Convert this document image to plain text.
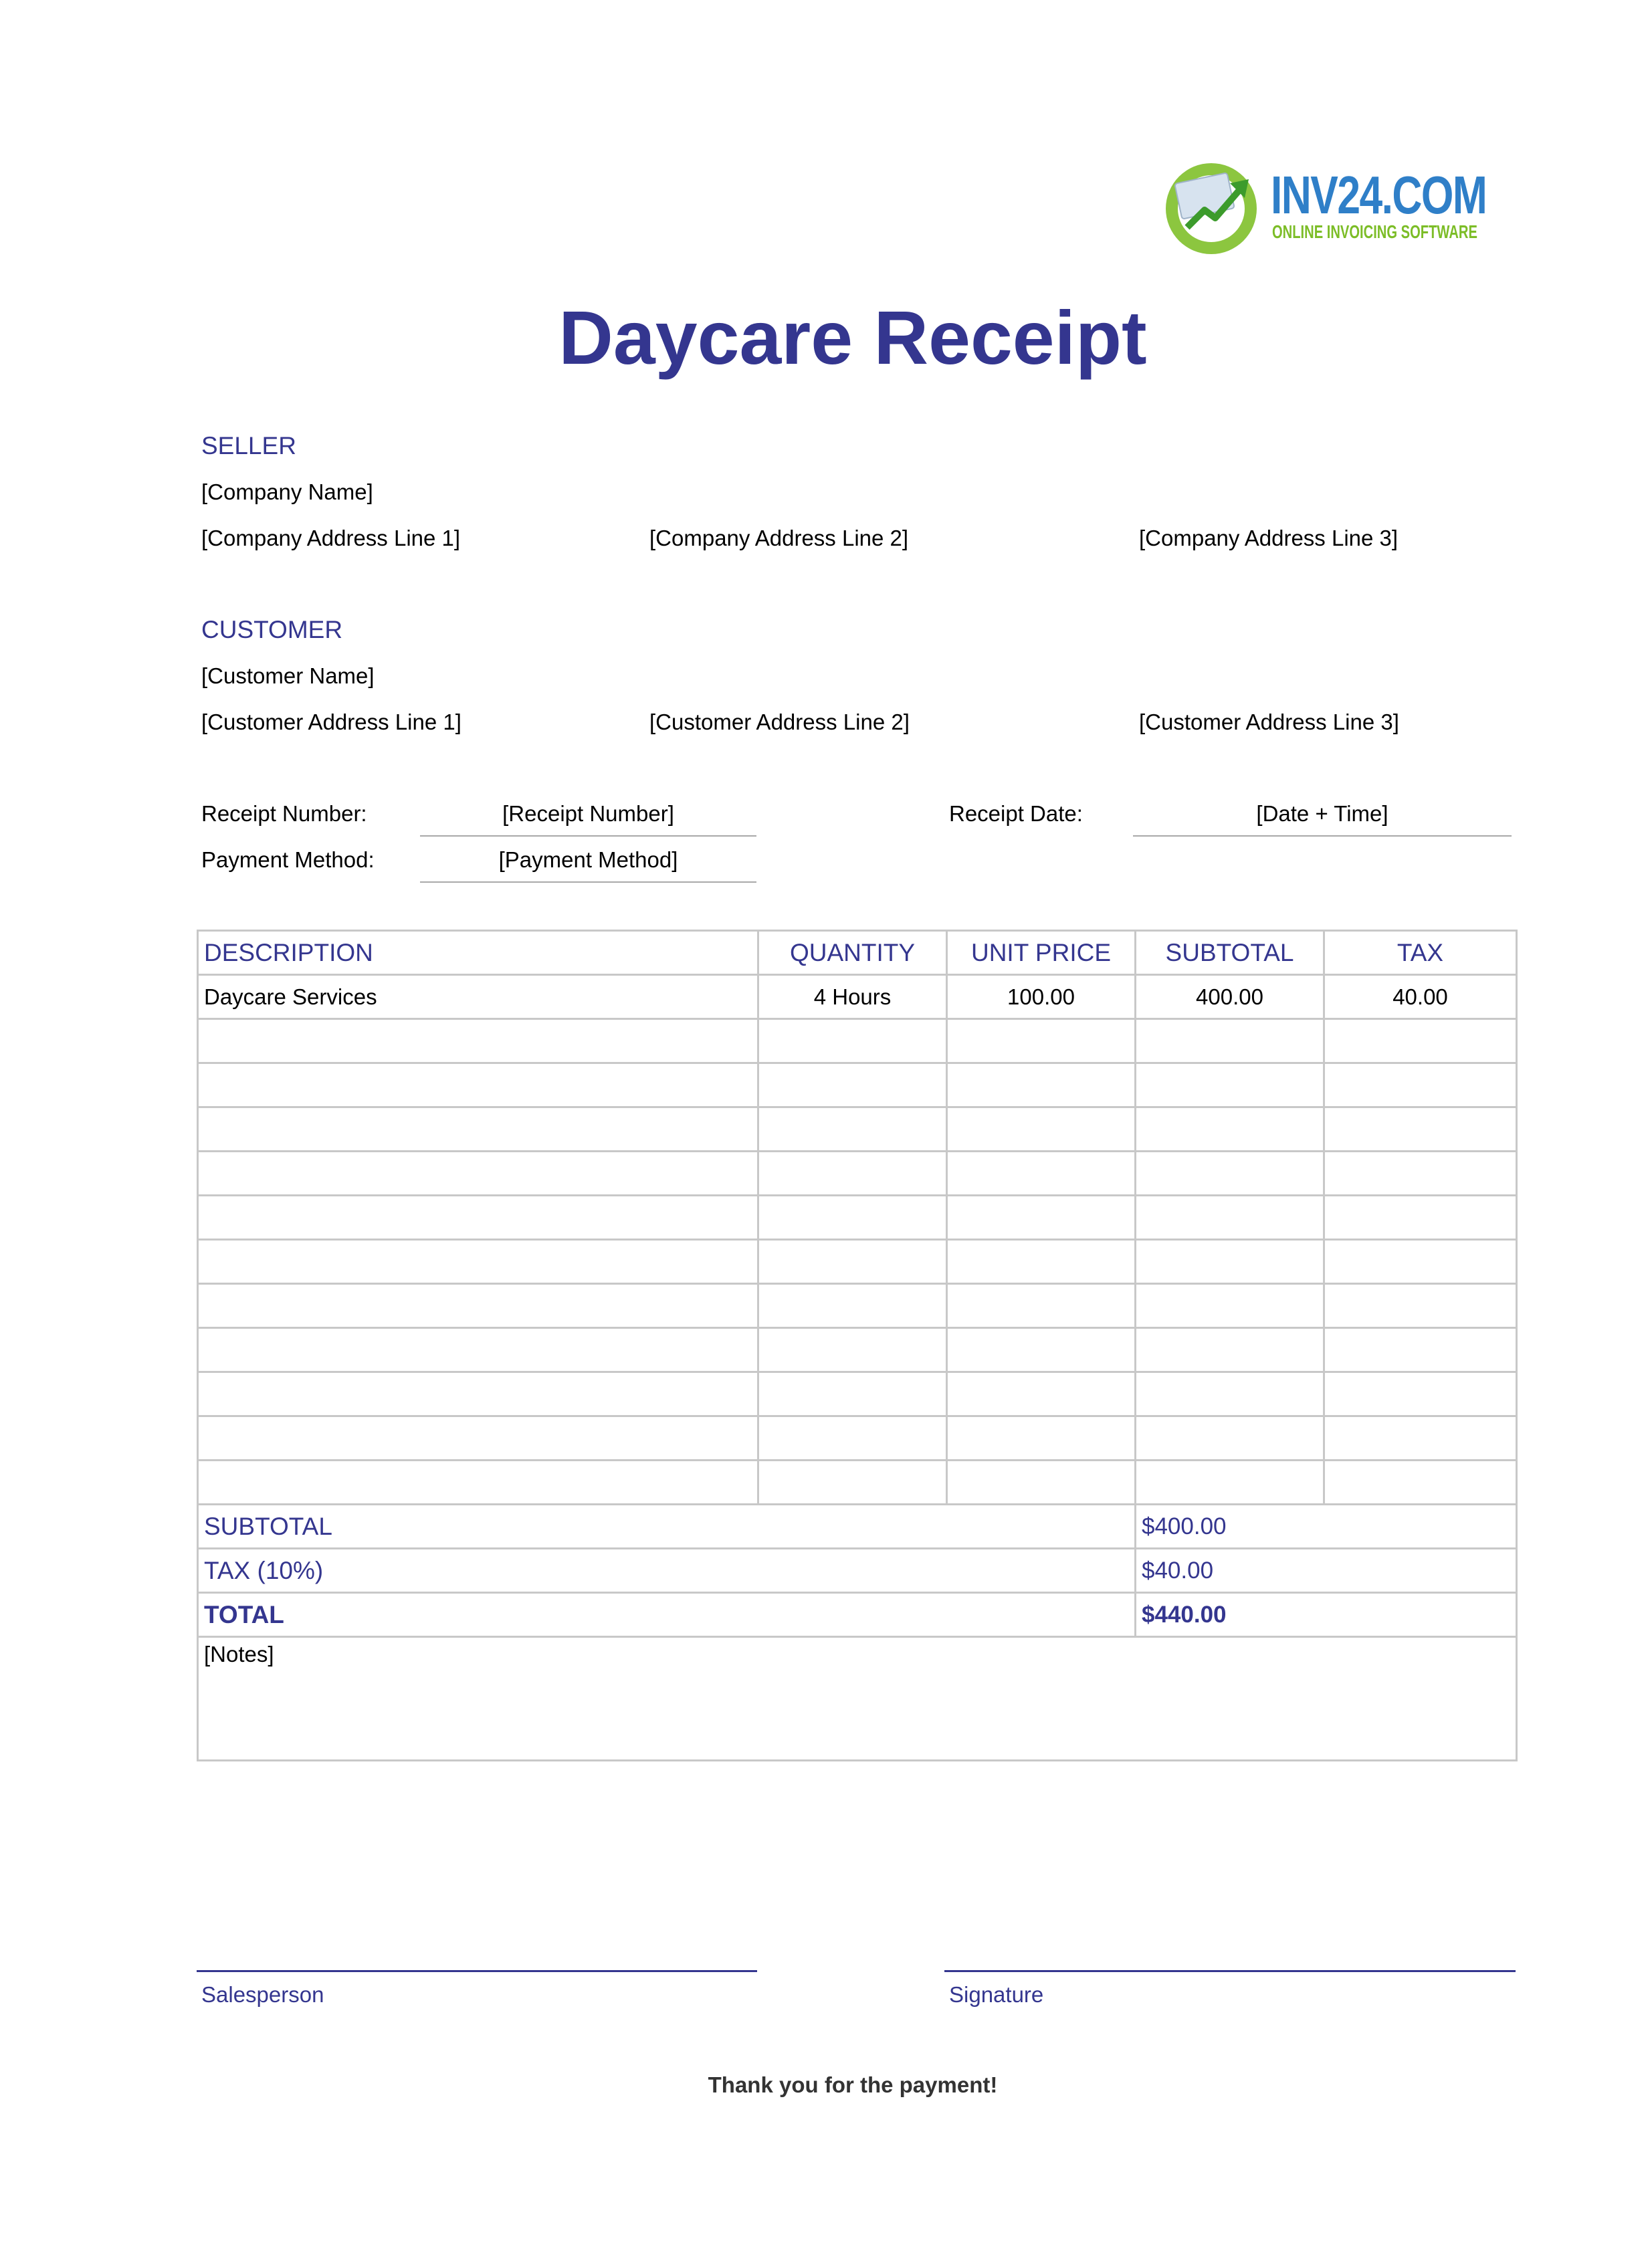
INV24.COM
ONLINE INVOICING SOFTWARE
Daycare Receipt
SELLER
[Company Name]
[Company Address Line 1]	[Company Address Line 2]	[Company Address Line 3]
CUSTOMER
[Customer Name]
[Customer Address Line 1]	[Customer Address Line 2]	[Customer Address Line 3]
Receipt Number:	[Receipt Number]
Payment Method:	[Payment Method]
Receipt Date:	[Date + Time]
DESCRIPTION	QUANTITY	UNIT PRICE	SUBTOTAL	TAX
Daycare Services	4 Hours	100.00	400.00	40.00

SUBTOTAL			$400.00	
TAX (10%)			$40.00	
TOTAL			$440.00	
[Notes]				
Salesperson	Signature
Thank you for the payment!
